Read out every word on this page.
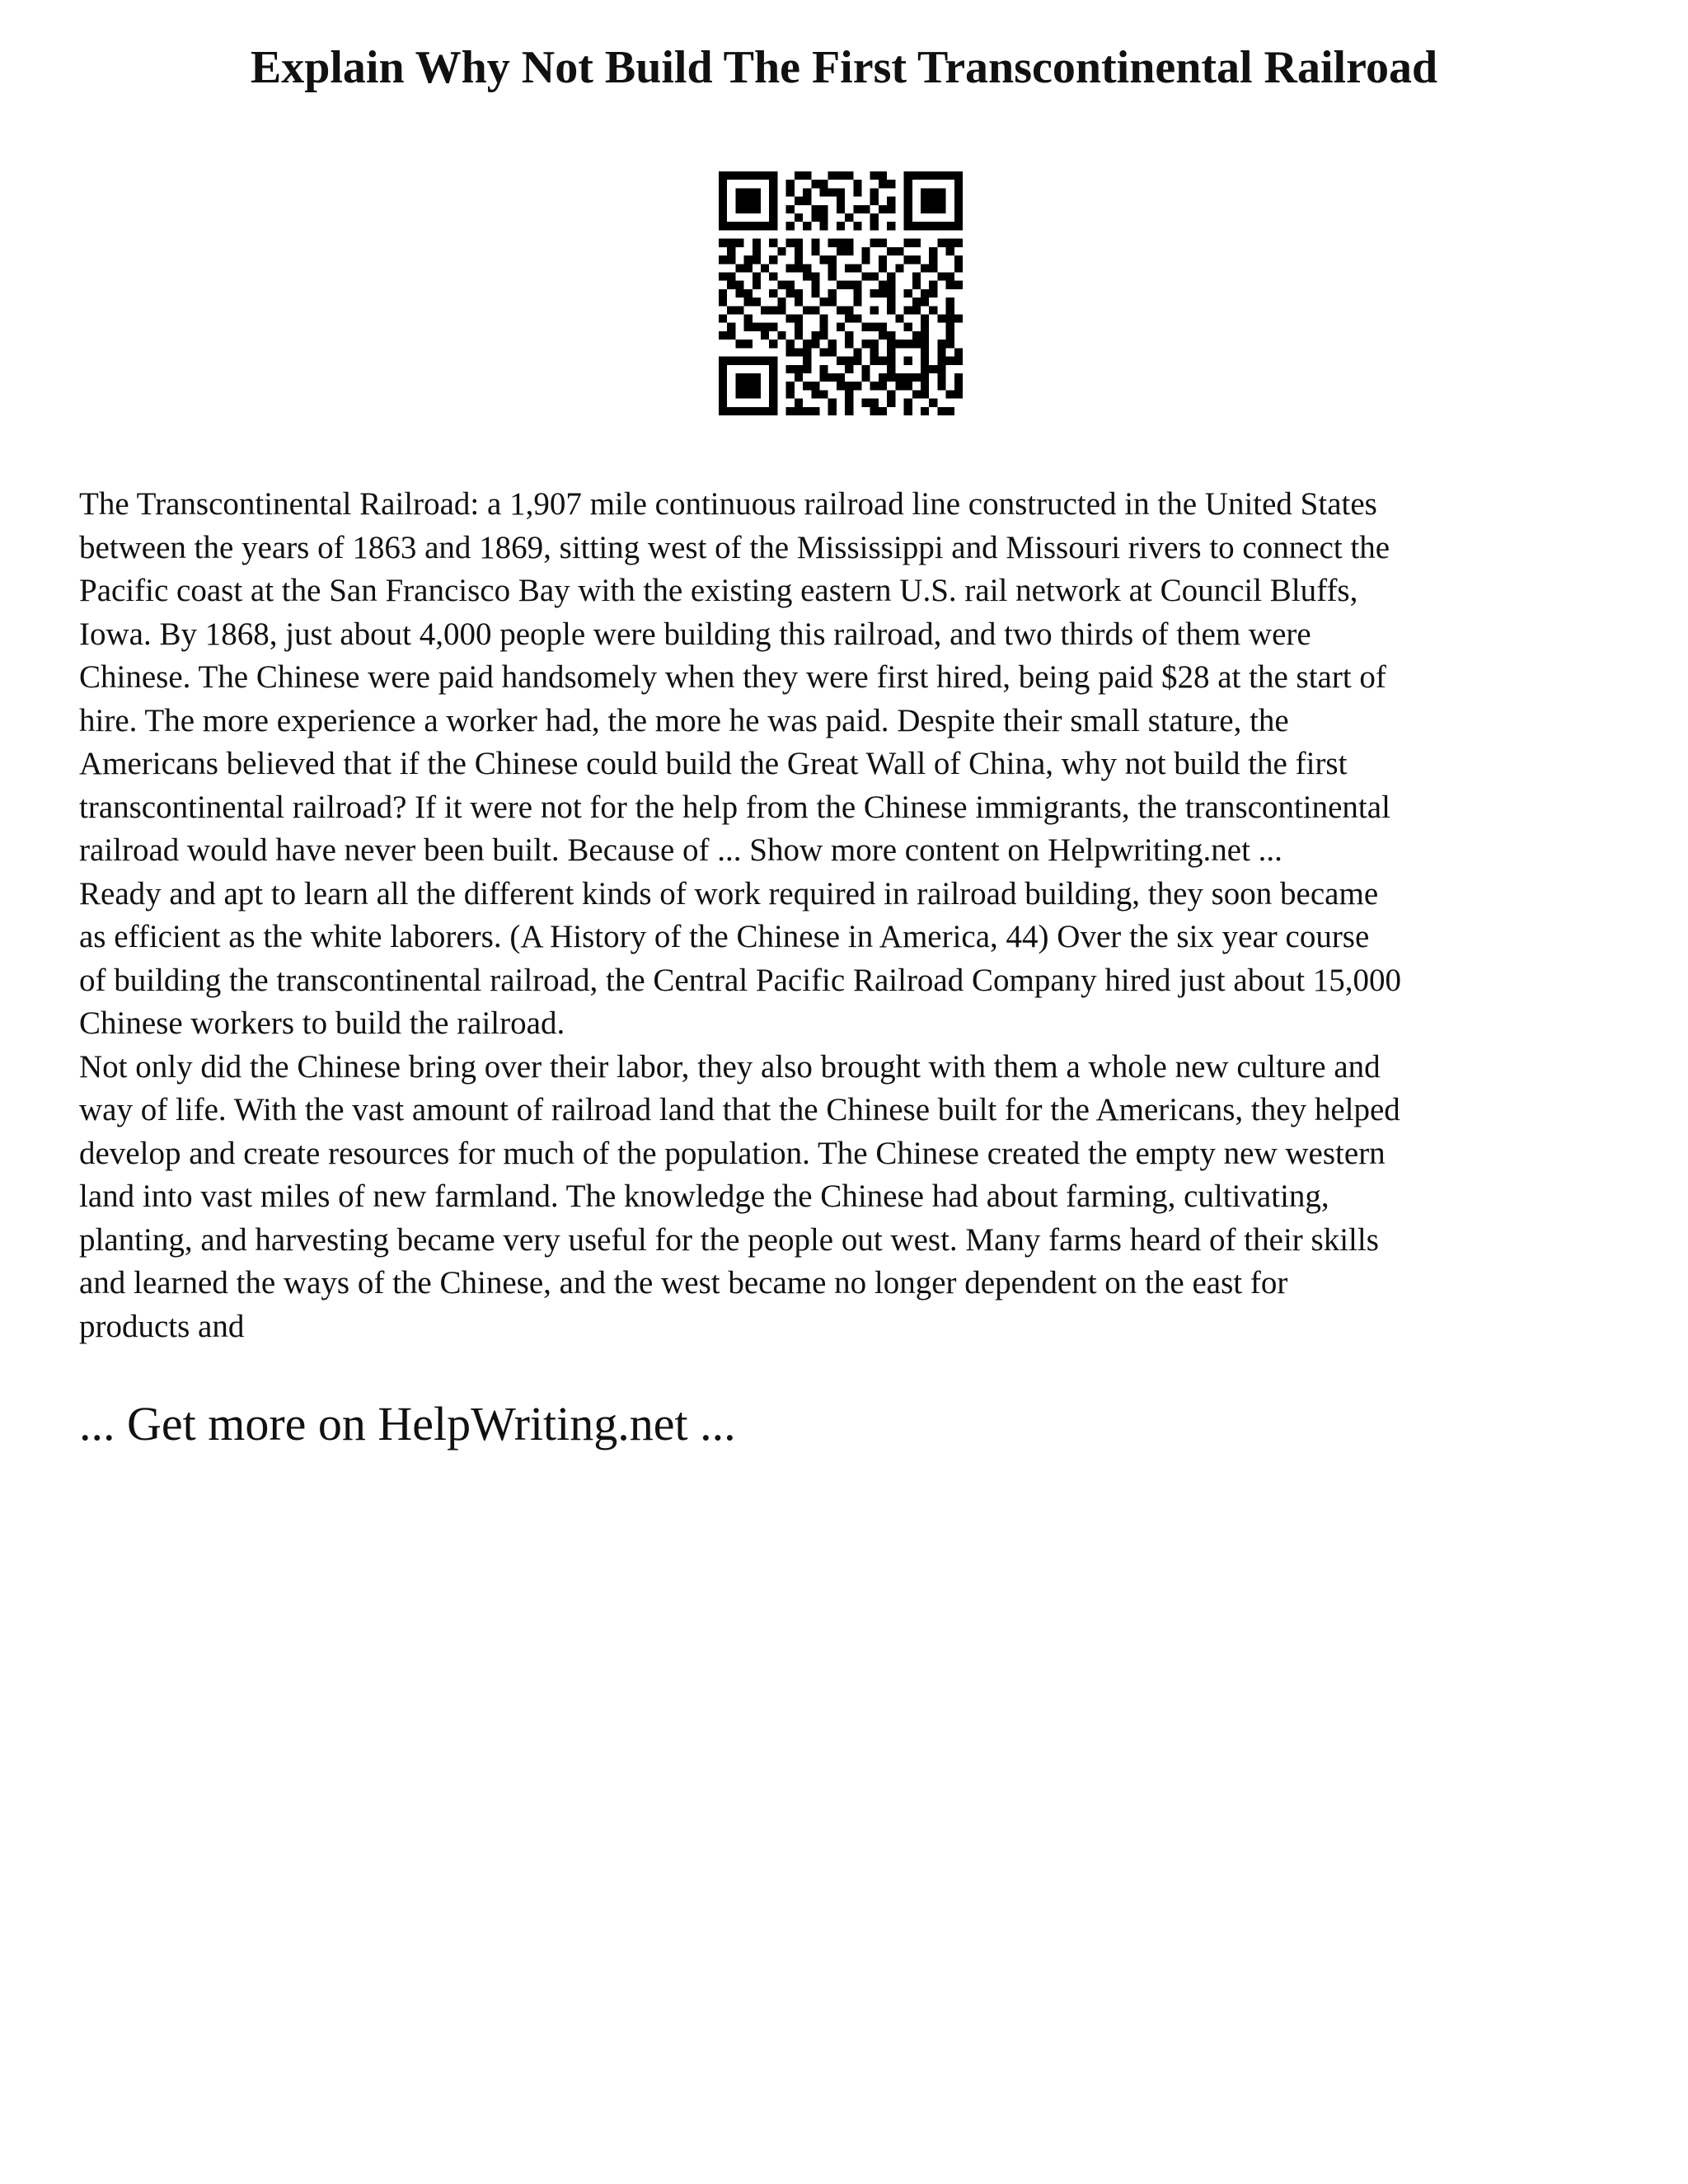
Explain Why Not Build The First Transcontinental Railroad
The Transcontinental Railroad: a 1,907 mile continuous railroad line constructed in the United States
between the years of 1863 and 1869, sitting west of the Mississippi and Missouri rivers to connect the
Pacific coast at the San Francisco Bay with the existing eastern U.S. rail network at Council Bluffs,
Iowa. By 1868, just about 4,000 people were building this railroad, and two thirds of them were
Chinese. The Chinese were paid handsomely when they were first hired, being paid $28 at the start of
hire. The more experience a worker had, the more he was paid. Despite their small stature, the
Americans believed that if the Chinese could build the Great Wall of China, why not build the first
transcontinental railroad? If it were not for the help from the Chinese immigrants, the transcontinental
railroad would have never been built. Because of ... Show more content on Helpwriting.net ...
Ready and apt to learn all the different kinds of work required in railroad building, they soon became
as efficient as the white laborers. (A History of the Chinese in America, 44) Over the six year course
of building the transcontinental railroad, the Central Pacific Railroad Company hired just about 15,000
Chinese workers to build the railroad.
Not only did the Chinese bring over their labor, they also brought with them a whole new culture and
way of life. With the vast amount of railroad land that the Chinese built for the Americans, they helped
develop and create resources for much of the population. The Chinese created the empty new western
land into vast miles of new farmland. The knowledge the Chinese had about farming, cultivating,
planting, and harvesting became very useful for the people out west. Many farms heard of their skills
and learned the ways of the Chinese, and the west became no longer dependent on the east for
products and
... Get more on HelpWriting.net ...
